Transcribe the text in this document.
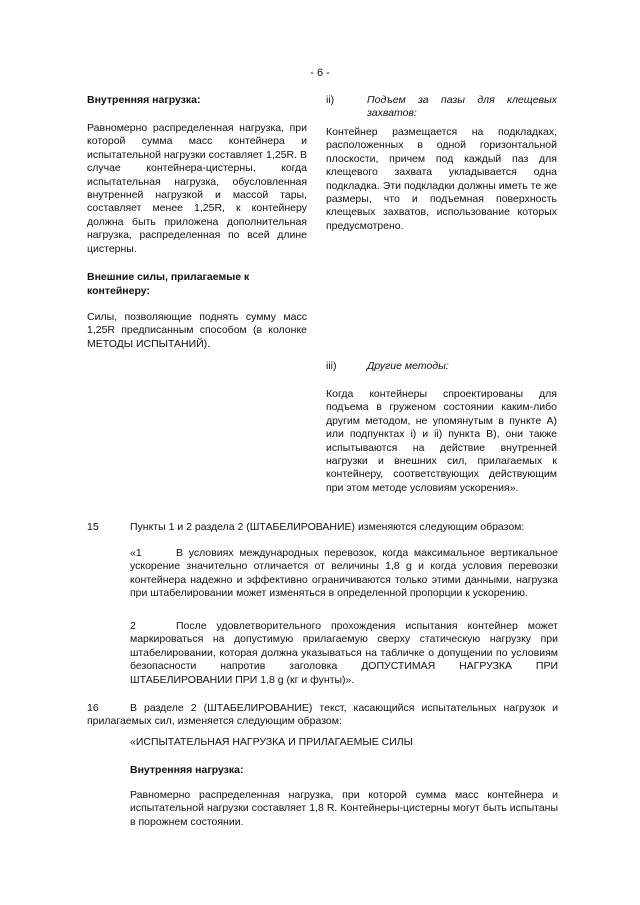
- 6 -
Внутренняя нагрузка:
Равномерно распределенная нагрузка, при которой сумма масс контейнера и испытательной нагрузки составляет 1,25R. В случае контейнера-цистерны, когда испытательная нагрузка, обусловленная внутренней нагрузкой и массой тары, составляет менее 1,25R, к контейнеру должна быть приложена дополнительная нагрузка, распределенная по всей длине цистерны.
Внешние силы, прилагаемые к контейнеру:
Силы, позволяющие поднять сумму масс 1,25R предписанным способом (в колонке МЕТОДЫ ИСПЫТАНИЙ).
ii)	Подъем за пазы для клещевых захватов:
Контейнер размещается на подкладках, расположенных в одной горизонтальной плоскости, причем под каждый паз для клещевого захвата укладывается одна подкладка. Эти подкладки должны иметь те же размеры, что и подъемная поверхность клещевых захватов, использование которых предусмотрено.
iii)	Другие методы:
Когда контейнеры спроектированы для подъема в груженом состоянии каким-либо другим методом, не упомянутым в пункте А) или подпунктах i) и ii) пункта В), они также испытываются на действие внутренней нагрузки и внешних сил, прилагаемых к контейнеру, соответствующих действующим при этом методе условиям ускорения».
15	Пункты 1 и 2 раздела 2 (ШТАБЕЛИРОВАНИЕ) изменяются следующим образом:
«1	В условиях международных перевозок, когда максимальное вертикальное ускорение значительно отличается от величины 1,8 g и когда условия перевозки контейнера надежно и эффективно ограничиваются только этими данными, нагрузка при штабелировании может изменяться в определенной пропорции к ускорению.
2	После удовлетворительного прохождения испытания контейнер может маркироваться на допустимую прилагаемую сверху статическую нагрузку при штабелировании, которая должна указываться на табличке о допущении по условиям безопасности напротив заголовка ДОПУСТИМАЯ НАГРУЗКА ПРИ ШТАБЕЛИРОВАНИИ ПРИ 1,8 g (кг и фунты)».
16	В разделе 2 (ШТАБЕЛИРОВАНИЕ) текст, касающийся испытательных нагрузок и прилагаемых сил, изменяется следующим образом:
«ИСПЫТАТЕЛЬНАЯ НАГРУЗКА И ПРИЛАГАЕМЫЕ СИЛЫ
Внутренняя нагрузка:
Равномерно распределенная нагрузка, при которой сумма масс контейнера и испытательной нагрузки составляет 1,8 R. Контейнеры-цистерны могут быть испытаны в порожнем состоянии.
